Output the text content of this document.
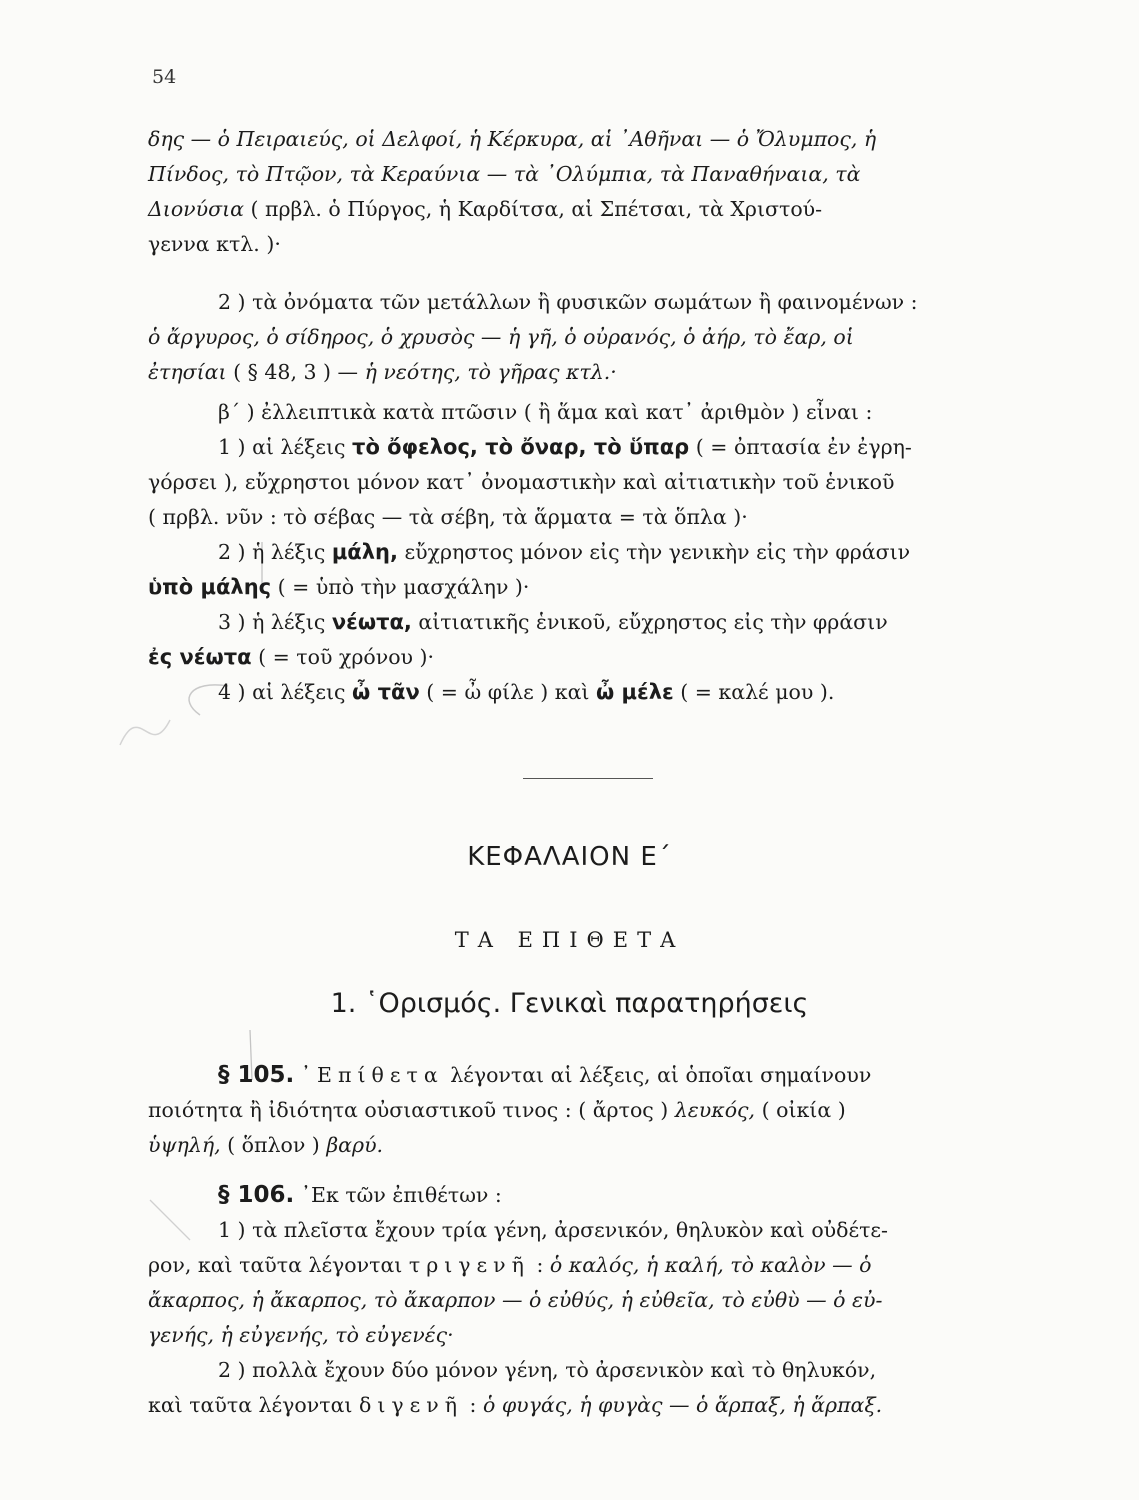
54

δης — ὁ Πειραιεύς, οἱ Δελφοί, ἡ Κέρκυρα, αἱ ᾿Αθῆναι — ὁ Ὄλυμπος, ἡ

Πίνδος, τὸ Πτῷον, τὰ Κεραύνια — τὰ ᾿Ολύμπια, τὰ Παναθήναια, τὰ

Διονύσια ( πρβλ. ὁ Πύργος, ἡ Καρδίτσα, αἱ Σπέτσαι, τὰ Χριστού-

γεννα κτλ. )·

2 ) τὰ ὀνόματα τῶν μετάλλων ἢ φυσικῶν σωμάτων ἢ φαινομένων :

ὁ ἄργυρος, ὁ σίδηρος, ὁ χρυσὸς — ἡ γῆ, ὁ οὐρανός, ὁ ἀήρ, τὸ ἔαρ, οἱ

ἐτησίαι ( § 48, 3 ) — ἡ νεότης, τὸ γῆρας κτλ.·

β΄ ) ἐλλειπτικὰ κατὰ πτῶσιν ( ἢ ἅμα καὶ κατ᾿ ἀριθμὸν ) εἶναι :

1 ) αἱ λέξεις τὸ ὄφελος, τὸ ὄναρ, τὸ ὕπαρ ( = ὀπτασία ἐν ἐγρη-

γόρσει ), εὔχρηστοι μόνον κατ᾿ ὀνομαστικὴν καὶ αἰτιατικὴν τοῦ ἑνικοῦ

( πρβλ. νῦν : τὸ σέβας — τὰ σέβη, τὰ ἅρματα = τὰ ὅπλα )·

2 ) ἡ λέξις μάλη, εὔχρηστος μόνον εἰς τὴν γενικὴν εἰς τὴν φράσιν

ὑπὸ μάλης ( = ὑπὸ τὴν μασχάλην )·

3 ) ἡ λέξις νέωτα, αἰτιατικῆς ἑνικοῦ, εὔχρηστος εἰς τὴν φράσιν

ἐς νέωτα ( = τοῦ χρόνου )·

4 ) αἱ λέξεις ὦ τᾶν ( = ὦ φίλε ) καὶ ὦ μέλε ( = καλέ μου ).

ΚΕΦΑΛΑΙΟΝ Ε΄
ΤΑ ΕΠΙΘΕΤΑ
1. ῾Ορισμός. Γενικαὶ παρατηρήσεις

§ 105. ᾿Επίθετα λέγονται αἱ λέξεις, αἱ ὁποῖαι σημαίνουν

ποιότητα ἢ ἰδιότητα οὐσιαστικοῦ τινος : ( ἄρτος ) λευκός, ( οἰκία )

ὑψηλή, ( ὅπλον ) βαρύ.

§ 106. ᾿Εκ τῶν ἐπιθέτων :

1 ) τὰ πλεῖστα ἔχουν τρία γένη, ἀρσενικόν, θηλυκὸν καὶ οὐδέτε-

ρον, καὶ ταῦτα λέγονται τριγενῆ : ὁ καλός, ἡ καλή, τὸ καλὸν — ὁ

ἄκαρπος, ἡ ἄκαρπος, τὸ ἄκαρπον — ὁ εὐθύς, ἡ εὐθεῖα, τὸ εὐθὺ — ὁ εὐ-

γενής, ἡ εὐγενής, τὸ εὐγενές·

2 ) πολλὰ ἔχουν δύο μόνον γένη, τὸ ἀρσενικὸν καὶ τὸ θηλυκόν,

καὶ ταῦτα λέγονται διγενῆ : ὁ φυγάς, ἡ φυγὰς — ὁ ἅρπαξ, ἡ ἅρπαξ.
